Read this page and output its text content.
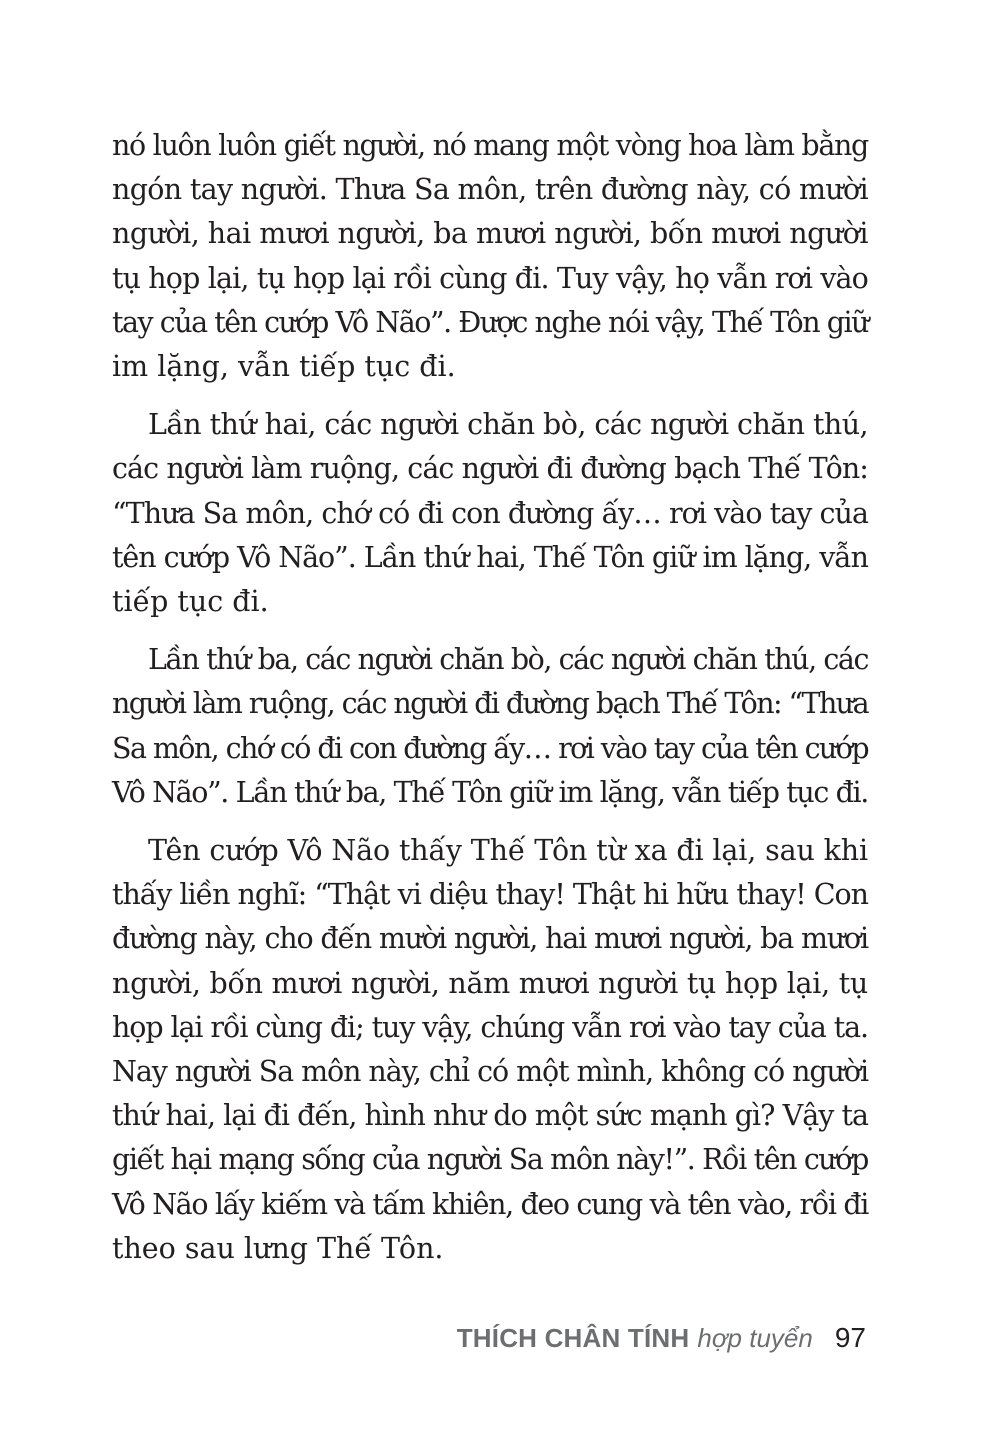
nó luôn luôn giết người, nó mang một vòng hoa làm bằng
ngón tay người. Thưa Sa môn, trên đường này, có mười
người, hai mươi người, ba mươi người, bốn mươi người
tụ họp lại, tụ họp lại rồi cùng đi. Tuy vậy, họ vẫn rơi vào
tay của tên cướp Vô Não”. Được nghe nói vậy, Thế Tôn giữ
im lặng, vẫn tiếp tục đi.

Lần thứ hai, các người chăn bò, các người chăn thú,
các người làm ruộng, các người đi đường bạch Thế Tôn:
“Thưa Sa môn, chớ có đi con đường ấy… rơi vào tay của
tên cướp Vô Não”. Lần thứ hai, Thế Tôn giữ im lặng, vẫn
tiếp tục đi.

Lần thứ ba, các người chăn bò, các người chăn thú, các
người làm ruộng, các người đi đường bạch Thế Tôn: “Thưa
Sa môn, chớ có đi con đường ấy… rơi vào tay của tên cướp
Vô Não”. Lần thứ ba, Thế Tôn giữ im lặng, vẫn tiếp tục đi.

Tên cướp Vô Não thấy Thế Tôn từ xa đi lại, sau khi
thấy liền nghĩ: “Thật vi diệu thay! Thật hi hữu thay! Con
đường này, cho đến mười người, hai mươi người, ba mươi
người, bốn mươi người, năm mươi người tụ họp lại, tụ
họp lại rồi cùng đi; tuy vậy, chúng vẫn rơi vào tay của ta.
Nay người Sa môn này, chỉ có một mình, không có người
thứ hai, lại đi đến, hình như do một sức mạnh gì? Vậy ta
giết hại mạng sống của người Sa môn này!”. Rồi tên cướp
Vô Não lấy kiếm và tấm khiên, đeo cung và tên vào, rồi đi
theo sau lưng Thế Tôn.

THÍCH CHÂN TÍNH hợp tuyển 97
